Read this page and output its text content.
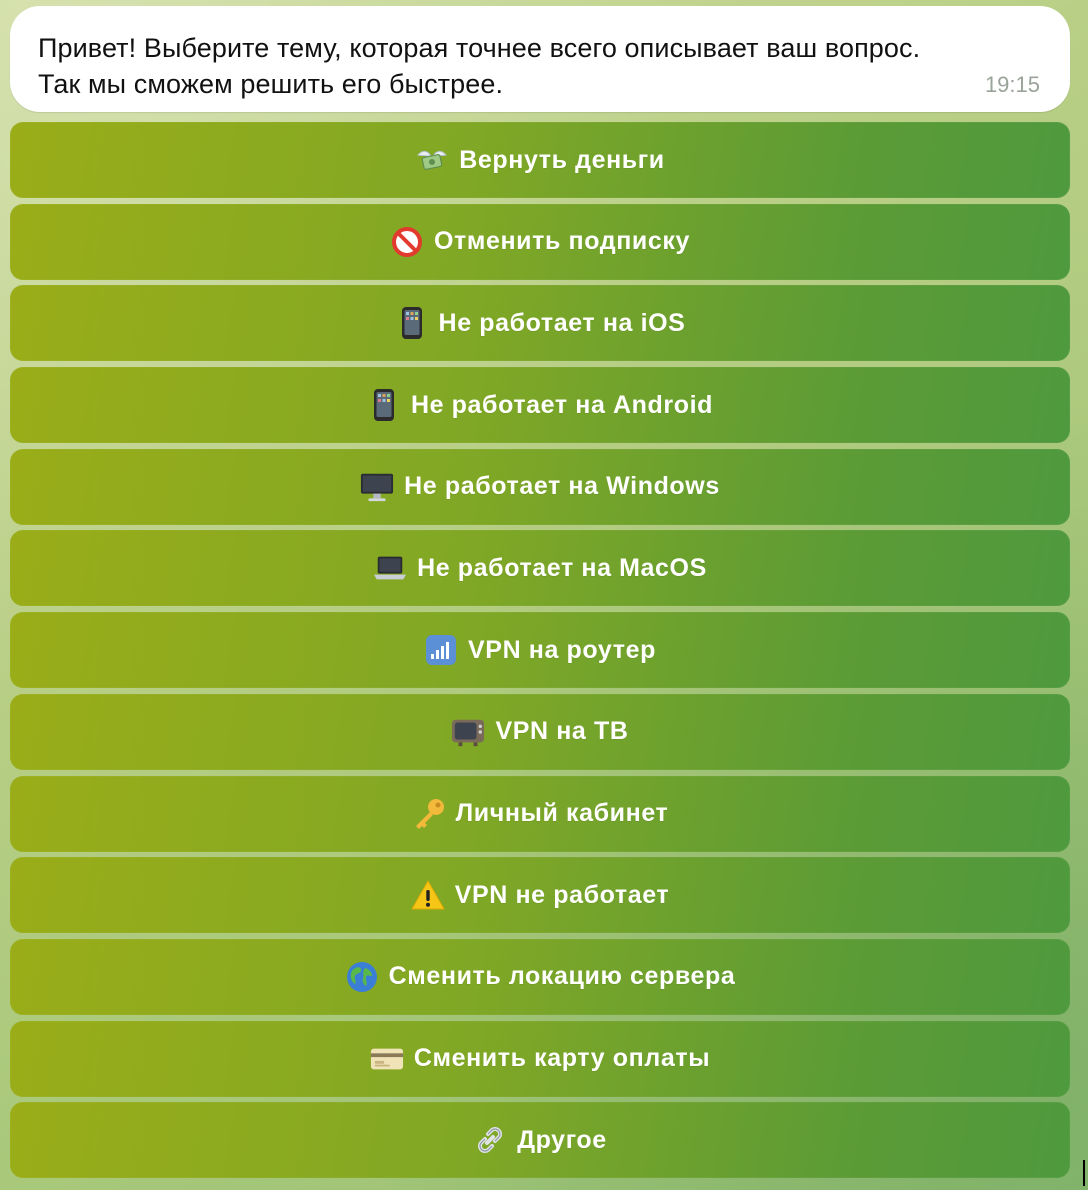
Привет! Выберите тему, которая точнее всего описывает ваш вопрос.
Так мы сможем решить его быстрее.	19:15
Вернуть деньги
Отменить подписку
Не работает на iOS
Не работает на Android
Не работает на Windows
Не работает на MacOS
VPN на роутер
VPN на ТВ
Личный кабинет
VPN не работает
Сменить локацию сервера
Сменить карту оплаты
Другое
